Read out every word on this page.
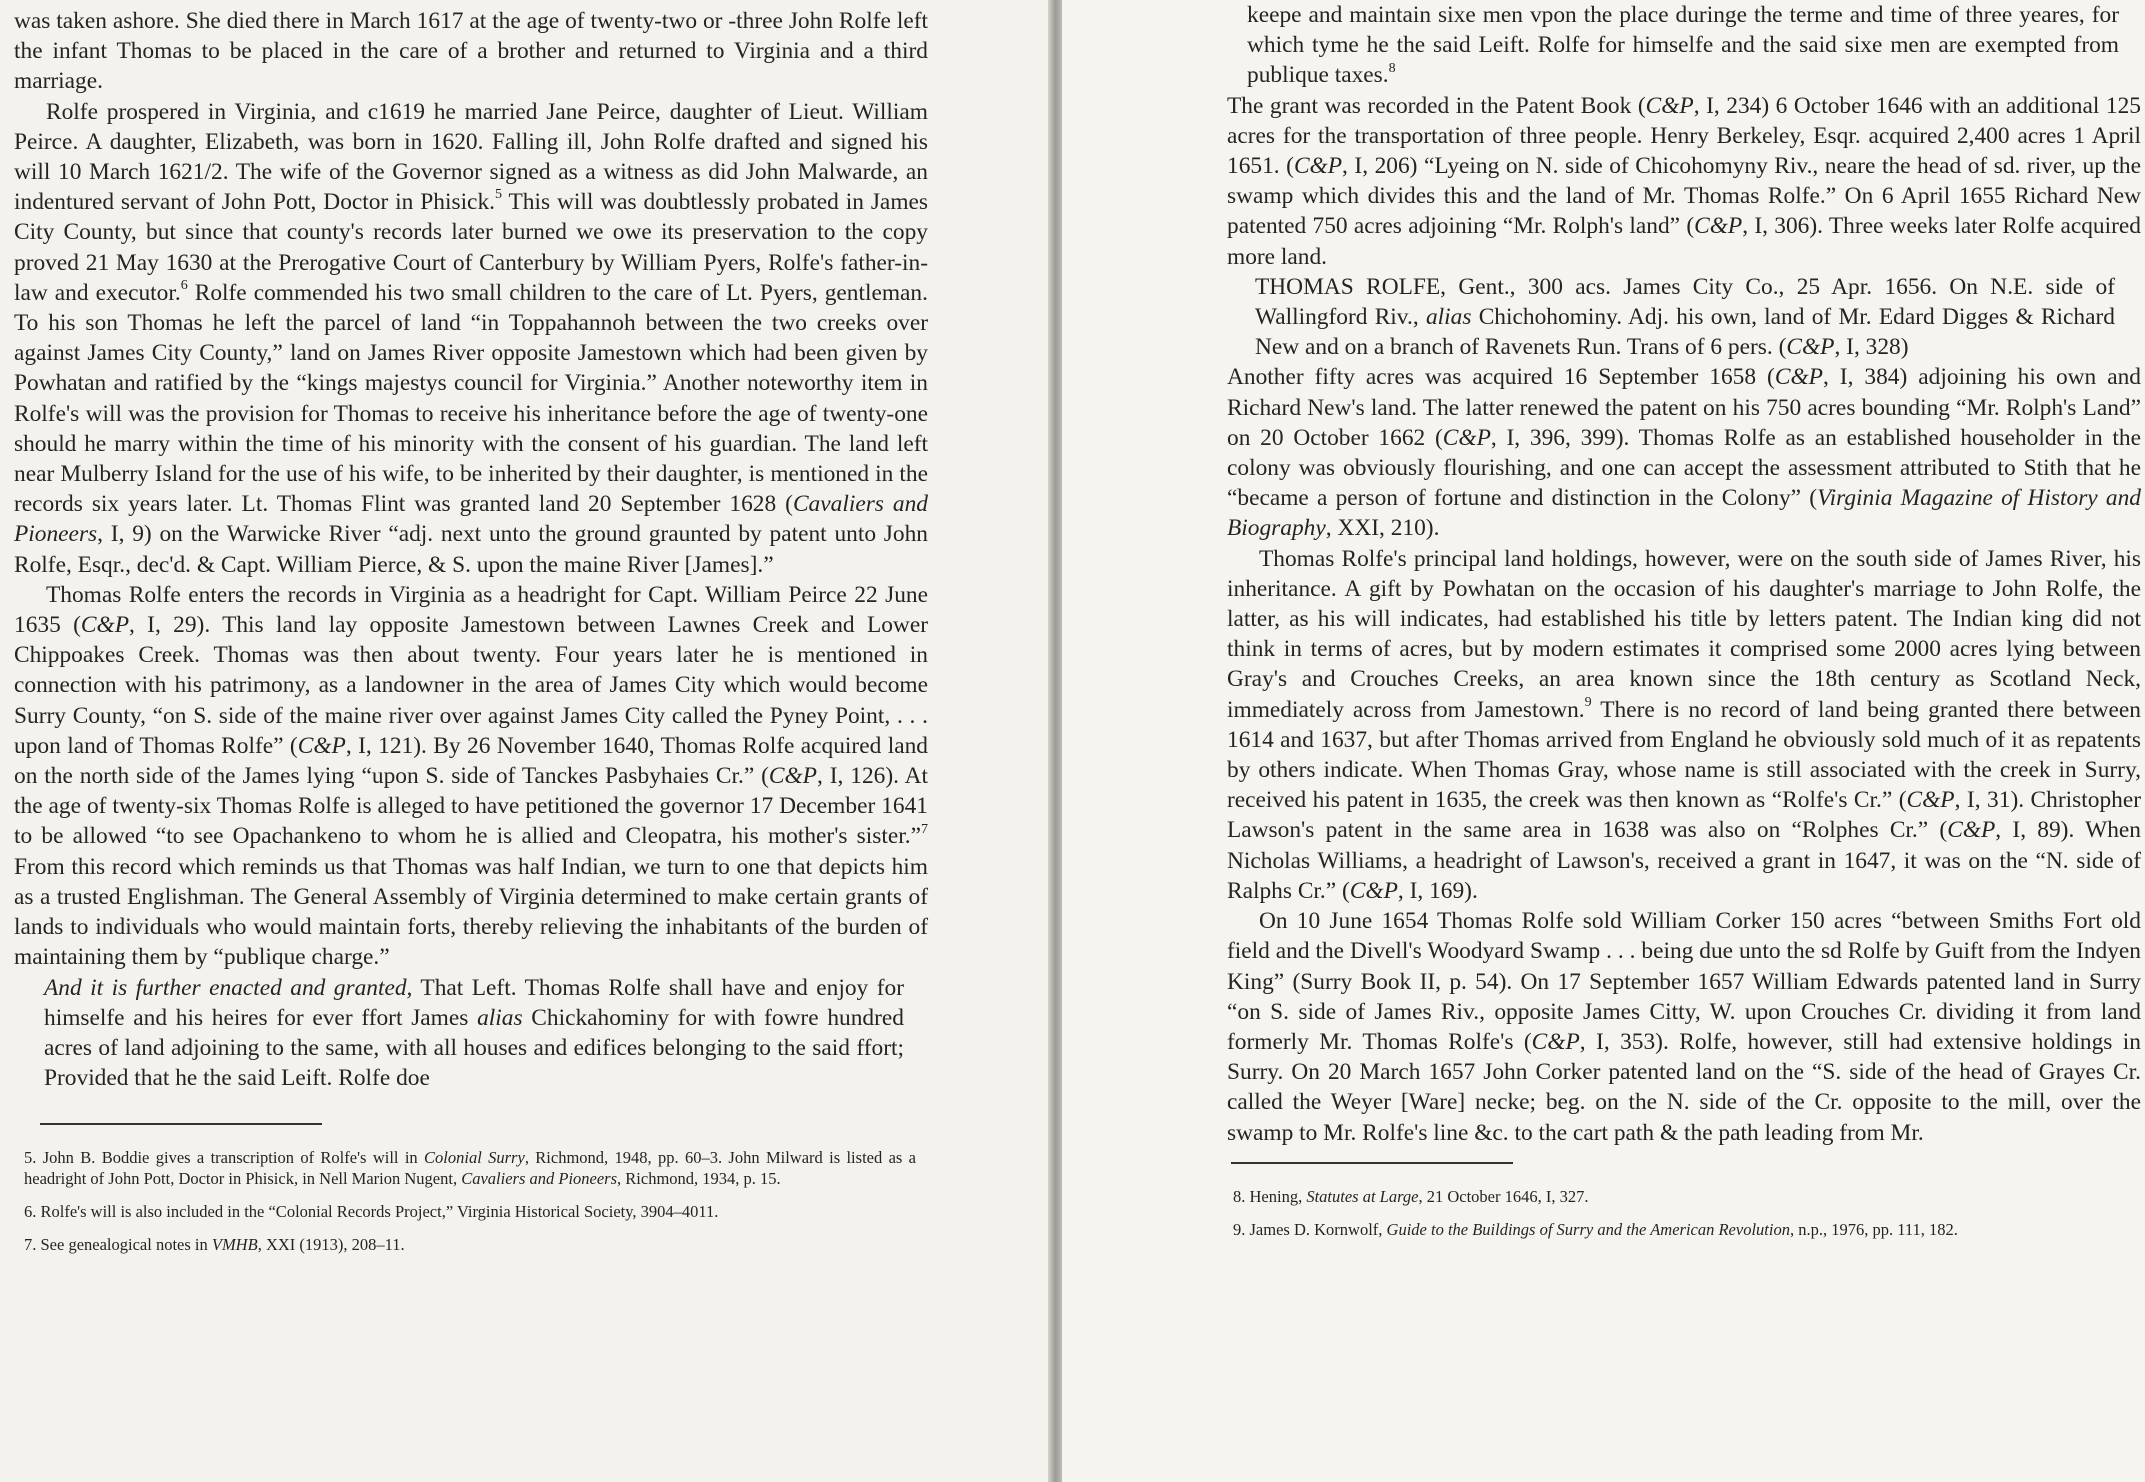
was taken ashore. She died there in March 1617 at the age of twenty-two or -three John Rolfe left the infant Thomas to be placed in the care of a brother and returned to Virginia and a third marriage.

Rolfe prospered in Virginia, and c1619 he married Jane Peirce, daughter of Lieut. William Peirce. A daughter, Elizabeth, was born in 1620. Falling ill, John Rolfe drafted and signed his will 10 March 1621/2. The wife of the Governor signed as a witness as did John Malwarde, an indentured servant of John Pott, Doctor in Phisick.$^5$ This will was doubtlessly probated in James City County, but since that county's records later burned we owe its preservation to the copy proved 21 May 1630 at the Prerogative Court of Canterbury by William Pyers, Rolfe's father-in-law and executor.$^6$ Rolfe commended his two small children to the care of Lt. Pyers, gentleman. To his son Thomas he left the parcel of land “in Toppahannoh between the two creeks over against James City County,” land on James River opposite Jamestown which had been given by Powhatan and ratified by the “kings majestys council for Virginia.” Another noteworthy item in Rolfe's will was the provision for Thomas to receive his inheritance before the age of twenty-one should he marry within the time of his minority with the consent of his guardian. The land left near Mulberry Island for the use of his wife, to be inherited by their daughter, is mentioned in the records six years later. Lt. Thomas Flint was granted land 20 September 1628 (Cavaliers and Pioneers, I, 9) on the Warwicke River “adj. next unto the ground graunted by patent unto John Rolfe, Esqr., dec'd. & Capt. William Pierce, & S. upon the maine River [James].”

Thomas Rolfe enters the records in Virginia as a headright for Capt. William Peirce 22 June 1635 (C&P, I, 29). This land lay opposite Jamestown between Lawnes Creek and Lower Chippoakes Creek. Thomas was then about twenty. Four years later he is mentioned in connection with his patrimony, as a landowner in the area of James City which would become Surry County, “on S. side of the maine river over against James City called the Pyney Point, . . . upon land of Thomas Rolfe” (C&P, I, 121). By 26 November 1640, Thomas Rolfe acquired land on the north side of the James lying “upon S. side of Tanckes Pasbyhaies Cr.” (C&P, I, 126). At the age of twenty-six Thomas Rolfe is alleged to have petitioned the governor 17 December 1641 to be allowed “to see Opachankeno to whom he is allied and Cleopatra, his mother's sister.”$^7$ From this record which reminds us that Thomas was half Indian, we turn to one that depicts him as a trusted Englishman. The General Assembly of Virginia determined to make certain grants of lands to individuals who would maintain forts, thereby relieving the inhabitants of the burden of maintaining them by “publique charge.”

And it is further enacted and granted, That Left. Thomas Rolfe shall have and enjoy for himselfe and his heires for ever ffort James alias Chickahominy for with fowre hundred acres of land adjoining to the same, with all houses and edifices belonging to the said ffort; Provided that he the said Leift. Rolfe doe

5. John B. Boddie gives a transcription of Rolfe's will in Colonial Surry, Richmond, 1948, pp. 60–3. John Milward is listed as a headright of John Pott, Doctor in Phisick, in Nell Marion Nugent, Cavaliers and Pioneers, Richmond, 1934, p. 15.

6. Rolfe's will is also included in the “Colonial Records Project,” Virginia Historical Society, 3904–4011.

7. See genealogical notes in VMHB, XXI (1913), 208–11.

keepe and maintain sixe men vpon the place duringe the terme and time of three yeares, for which tyme he the said Leift. Rolfe for himselfe and the said sixe men are exempted from publique taxes.$^8$

The grant was recorded in the Patent Book (C&P, I, 234) 6 October 1646 with an additional 125 acres for the transportation of three people. Henry Berkeley, Esqr. acquired 2,400 acres 1 April 1651. (C&P, I, 206) “Lyeing on N. side of Chicohomyny Riv., neare the head of sd. river, up the swamp which divides this and the land of Mr. Thomas Rolfe.” On 6 April 1655 Richard New patented 750 acres adjoining “Mr. Rolph's land” (C&P, I, 306). Three weeks later Rolfe acquired more land.

THOMAS ROLFE, Gent., 300 acs. James City Co., 25 Apr. 1656. On N.E. side of Wallingford Riv., alias Chichohominy. Adj. his own, land of Mr. Edard Digges & Richard New and on a branch of Ravenets Run. Trans of 6 pers. (C&P, I, 328)

Another fifty acres was acquired 16 September 1658 (C&P, I, 384) adjoining his own and Richard New's land. The latter renewed the patent on his 750 acres bounding “Mr. Rolph's Land” on 20 October 1662 (C&P, I, 396, 399). Thomas Rolfe as an established householder in the colony was obviously flourishing, and one can accept the assessment attributed to Stith that he “became a person of fortune and distinction in the Colony” (Virginia Magazine of History and Biography, XXI, 210).

Thomas Rolfe's principal land holdings, however, were on the south side of James River, his inheritance. A gift by Powhatan on the occasion of his daughter's marriage to John Rolfe, the latter, as his will indicates, had established his title by letters patent. The Indian king did not think in terms of acres, but by modern estimates it comprised some 2000 acres lying between Gray's and Crouches Creeks, an area known since the 18th century as Scotland Neck, immediately across from Jamestown.$^9$ There is no record of land being granted there between 1614 and 1637, but after Thomas arrived from England he obviously sold much of it as repatents by others indicate. When Thomas Gray, whose name is still associated with the creek in Surry, received his patent in 1635, the creek was then known as “Rolfe's Cr.” (C&P, I, 31). Christopher Lawson's patent in the same area in 1638 was also on “Rolphes Cr.” (C&P, I, 89). When Nicholas Williams, a headright of Lawson's, received a grant in 1647, it was on the “N. side of Ralphs Cr.” (C&P, I, 169).

On 10 June 1654 Thomas Rolfe sold William Corker 150 acres “between Smiths Fort old field and the Divell's Woodyard Swamp . . . being due unto the sd Rolfe by Guift from the Indyen King” (Surry Book II, p. 54). On 17 September 1657 William Edwards patented land in Surry “on S. side of James Riv., opposite James Citty, W. upon Crouches Cr. dividing it from land formerly Mr. Thomas Rolfe's (C&P, I, 353). Rolfe, however, still had extensive holdings in Surry. On 20 March 1657 John Corker patented land on the “S. side of the head of Grayes Cr. called the Weyer [Ware] necke; beg. on the N. side of the Cr. opposite to the mill, over the swamp to Mr. Rolfe's line &c. to the cart path & the path leading from Mr.

8. Hening, Statutes at Large, 21 October 1646, I, 327.

9. James D. Kornwolf, Guide to the Buildings of Surry and the American Revolution, n.p., 1976, pp. 111, 182.
